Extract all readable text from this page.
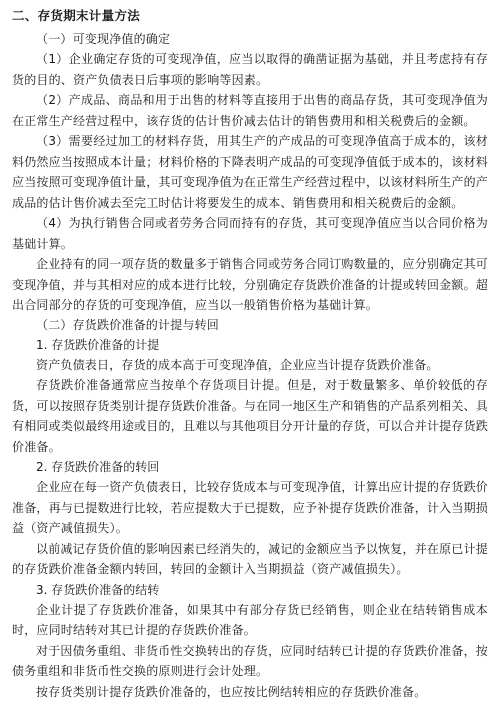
二、存货期末计量方法

（一）可变现净值的确定

（1）企业确定存货的可变现净值，应当以取得的确凿证据为基础，并且考虑持有存货的目的、资产负债表日后事项的影响等因素。

（2）产成品、商品和用于出售的材料等直接用于出售的商品存货，其可变现净值为在正常生产经营过程中，该存货的估计售价减去估计的销售费用和相关税费后的金额。

（3）需要经过加工的材料存货，用其生产的产成品的可变现净值高于成本的，该材料仍然应当按照成本计量；材料价格的下降表明产成品的可变现净值低于成本的，该材料应当按照可变现净值计量，其可变现净值为在正常生产经营过程中，以该材料所生产的产成品的估计售价减去至完工时估计将要发生的成本、销售费用和相关税费后的金额。

（4）为执行销售合同或者劳务合同而持有的存货，其可变现净值应当以合同价格为基础计算。

企业持有的同一项存货的数量多于销售合同或劳务合同订购数量的，应分别确定其可变现净值，并与其相对应的成本进行比较，分别确定存货跌价准备的计提或转回金额。超出合同部分的存货的可变现净值，应当以一般销售价格为基础计算。

（二）存货跌价准备的计提与转回

1. 存货跌价准备的计提

资产负债表日，存货的成本高于可变现净值，企业应当计提存货跌价准备。

存货跌价准备通常应当按单个存货项目计提。但是，对于数量繁多、单价较低的存货，可以按照存货类别计提存货跌价准备。与在同一地区生产和销售的产品系列相关、具有相同或类似最终用途或目的，且难以与其他项目分开计量的存货，可以合并计提存货跌价准备。

2. 存货跌价准备的转回

企业应在每一资产负债表日，比较存货成本与可变现净值，计算出应计提的存货跌价准备，再与已提数进行比较，若应提数大于已提数，应予补提存货跌价准备，计入当期损益（资产减值损失）。

以前减记存货价值的影响因素已经消失的，减记的金额应当予以恢复，并在原已计提的存货跌价准备金额内转回，转回的金额计入当期损益（资产减值损失）。

3. 存货跌价准备的结转

企业计提了存货跌价准备，如果其中有部分存货已经销售，则企业在结转销售成本时，应同时结转对其已计提的存货跌价准备。

对于因债务重组、非货币性交换转出的存货，应同时结转已计提的存货跌价准备，按债务重组和非货币性交换的原则进行会计处理。

按存货类别计提存货跌价准备的，也应按比例结转相应的存货跌价准备。
